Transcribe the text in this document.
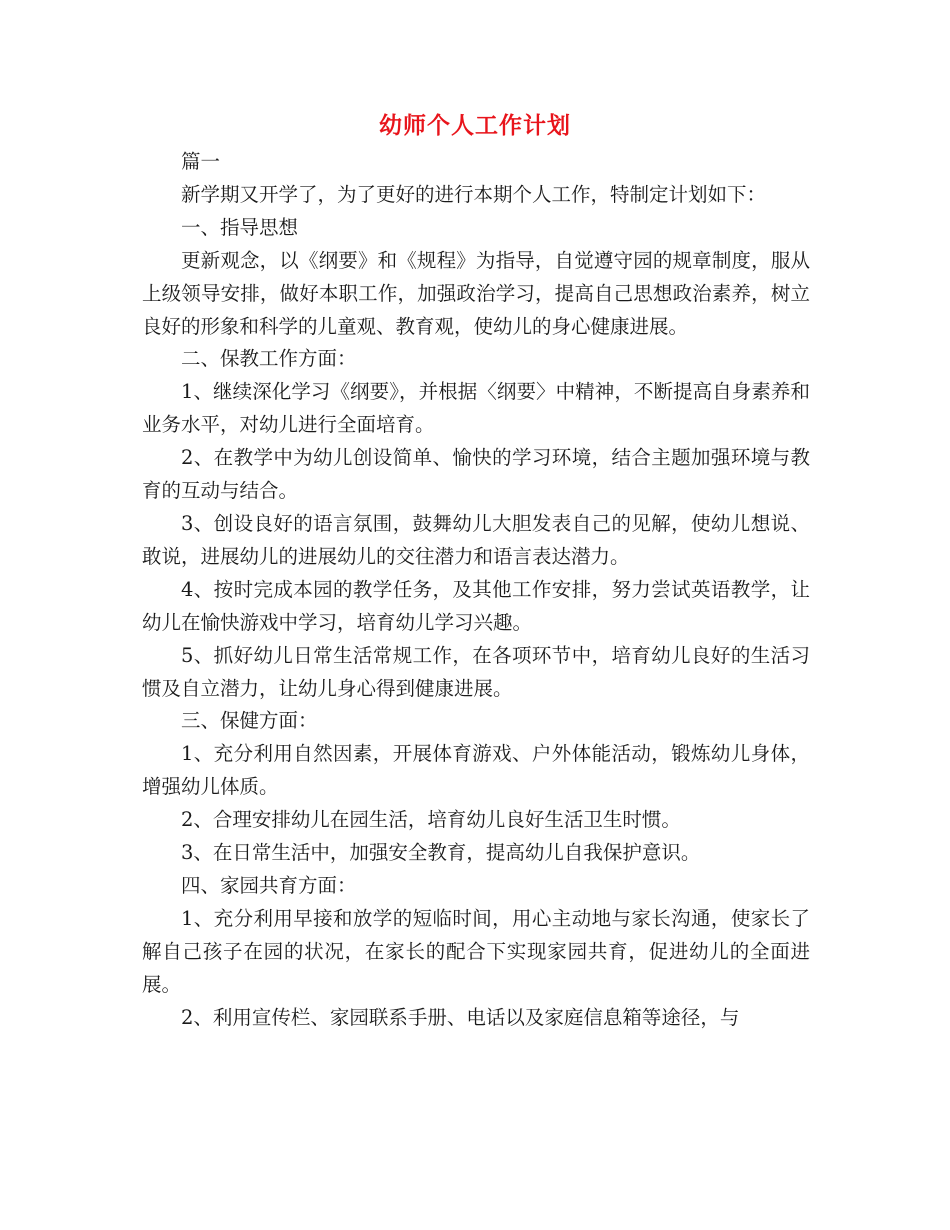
幼师个人工作计划

篇一

新学期又开学了，为了更好的进行本期个人工作，特制定计划如下：

一、指导思想

更新观念，以《纲要》和《规程》为指导，自觉遵守园的规章制度，服从上级领导安排，做好本职工作，加强政治学习，提高自己思想政治素养，树立良好的形象和科学的儿童观、教育观，使幼儿的身心健康进展。

二、保教工作方面：

1、继续深化学习《纲要》，并根据〈纲要〉中精神，不断提高自身素养和业务水平，对幼儿进行全面培育。

2、在教学中为幼儿创设简单、愉快的学习环境，结合主题加强环境与教育的互动与结合。

3、创设良好的语言氛围，鼓舞幼儿大胆发表自己的见解，使幼儿想说、敢说，进展幼儿的进展幼儿的交往潜力和语言表达潜力。

4、按时完成本园的教学任务，及其他工作安排，努力尝试英语教学，让幼儿在愉快游戏中学习，培育幼儿学习兴趣。

5、抓好幼儿日常生活常规工作，在各项环节中，培育幼儿良好的生活习惯及自立潜力，让幼儿身心得到健康进展。

三、保健方面：

1、充分利用自然因素，开展体育游戏、户外体能活动，锻炼幼儿身体，增强幼儿体质。

2、合理安排幼儿在园生活，培育幼儿良好生活卫生时惯。

3、在日常生活中，加强安全教育，提高幼儿自我保护意识。

四、家园共育方面：

1、充分利用早接和放学的短临时间，用心主动地与家长沟通，使家长了解自己孩子在园的状况，在家长的配合下实现家园共育，促进幼儿的全面进展。

2、利用宣传栏、家园联系手册、电话以及家庭信息箱等途径，与
